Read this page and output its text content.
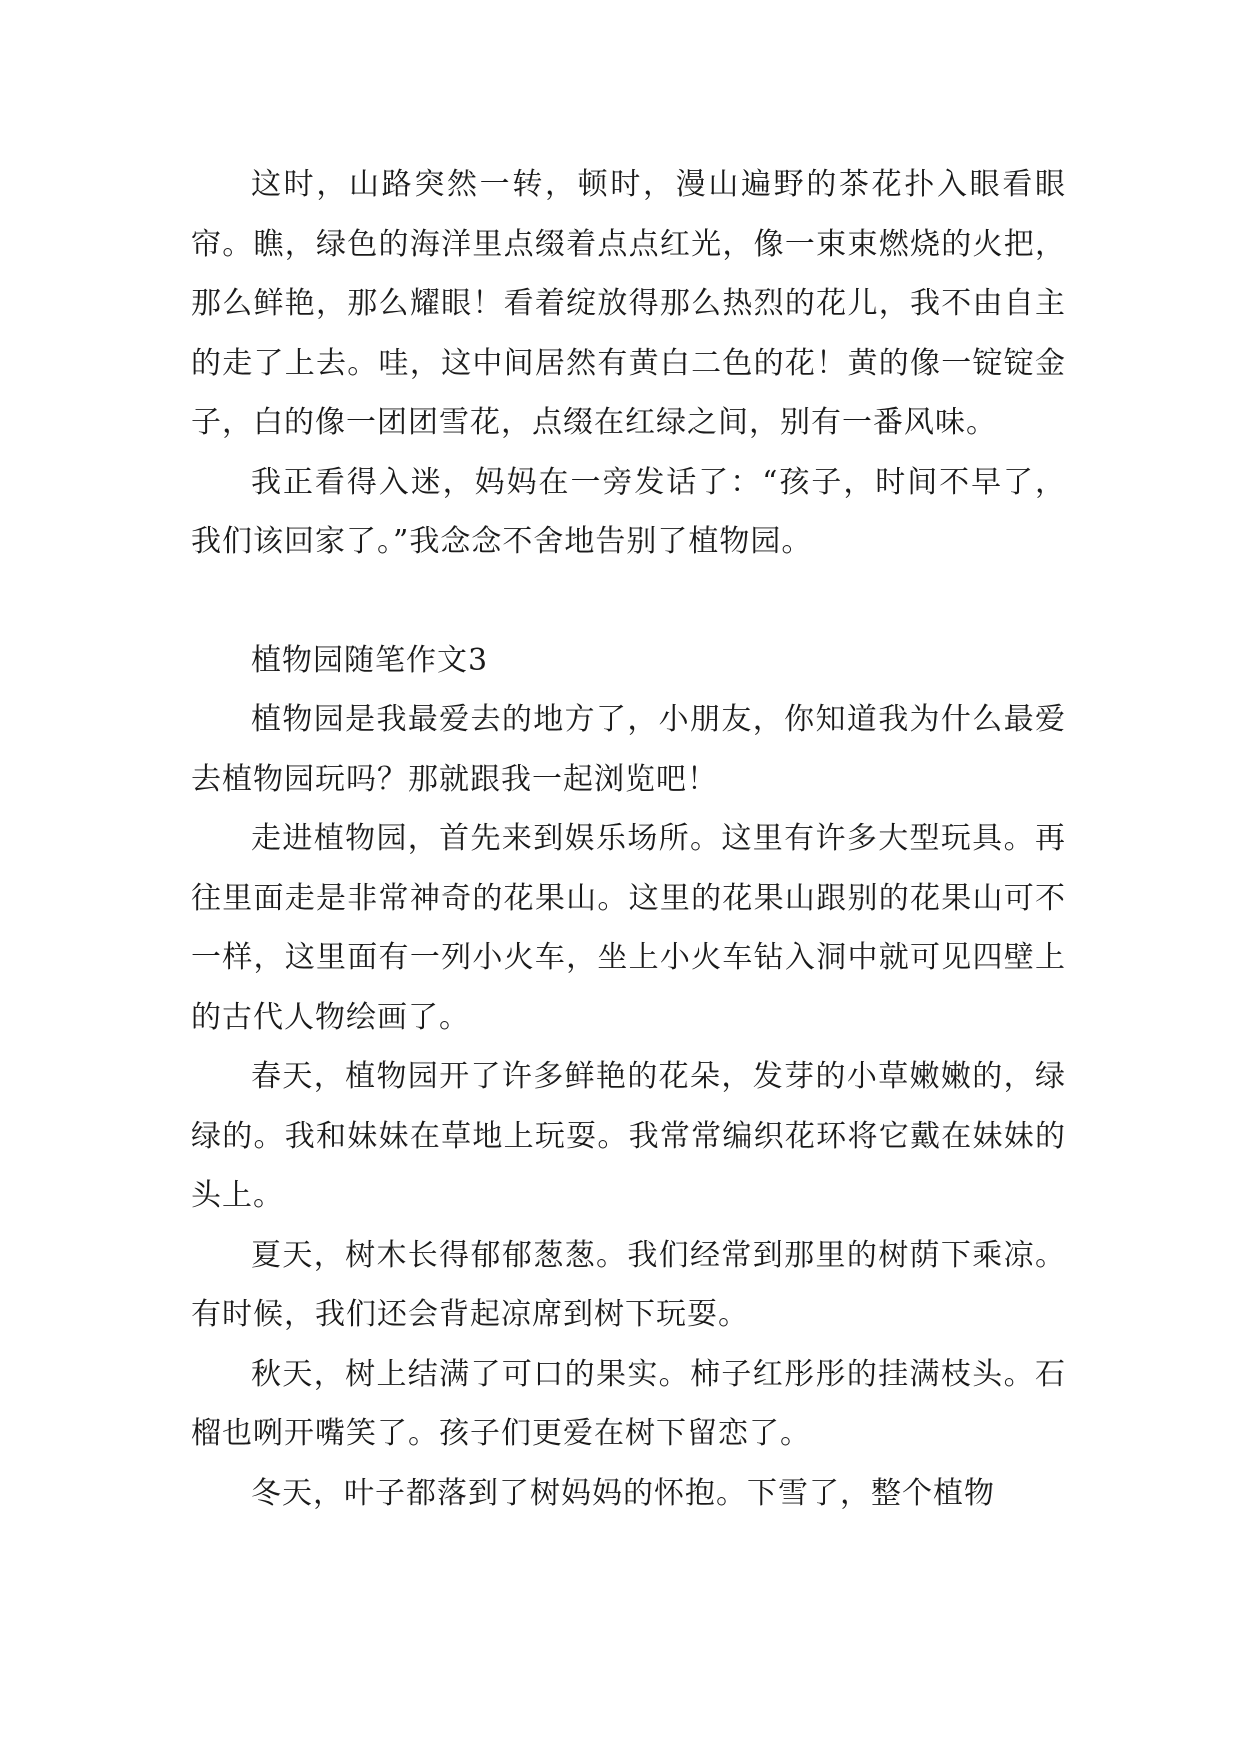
这时，山路突然一转，顿时，漫山遍野的茶花扑入眼看眼帘。瞧，绿色的海洋里点缀着点点红光，像一束束燃烧的火把，那么鲜艳，那么耀眼！看着绽放得那么热烈的花儿，我不由自主的走了上去。哇，这中间居然有黄白二色的花！黄的像一锭锭金子，白的像一团团雪花，点缀在红绿之间，别有一番风味。

我正看得入迷，妈妈在一旁发话了：“孩子，时间不早了，我们该回家了。”我念念不舍地告别了植物园。

植物园随笔作文3

植物园是我最爱去的地方了，小朋友，你知道我为什么最爱去植物园玩吗？那就跟我一起浏览吧！

走进植物园，首先来到娱乐场所。这里有许多大型玩具。再往里面走是非常神奇的花果山。这里的花果山跟别的花果山可不一样，这里面有一列小火车，坐上小火车钻入洞中就可见四壁上的古代人物绘画了。

春天，植物园开了许多鲜艳的花朵，发芽的小草嫩嫩的，绿绿的。我和妹妹在草地上玩耍。我常常编织花环将它戴在妹妹的头上。

夏天，树木长得郁郁葱葱。我们经常到那里的树荫下乘凉。有时候，我们还会背起凉席到树下玩耍。

秋天，树上结满了可口的果实。柿子红彤彤的挂满枝头。石榴也咧开嘴笑了。孩子们更爱在树下留恋了。

冬天，叶子都落到了树妈妈的怀抱。下雪了，整个植物
